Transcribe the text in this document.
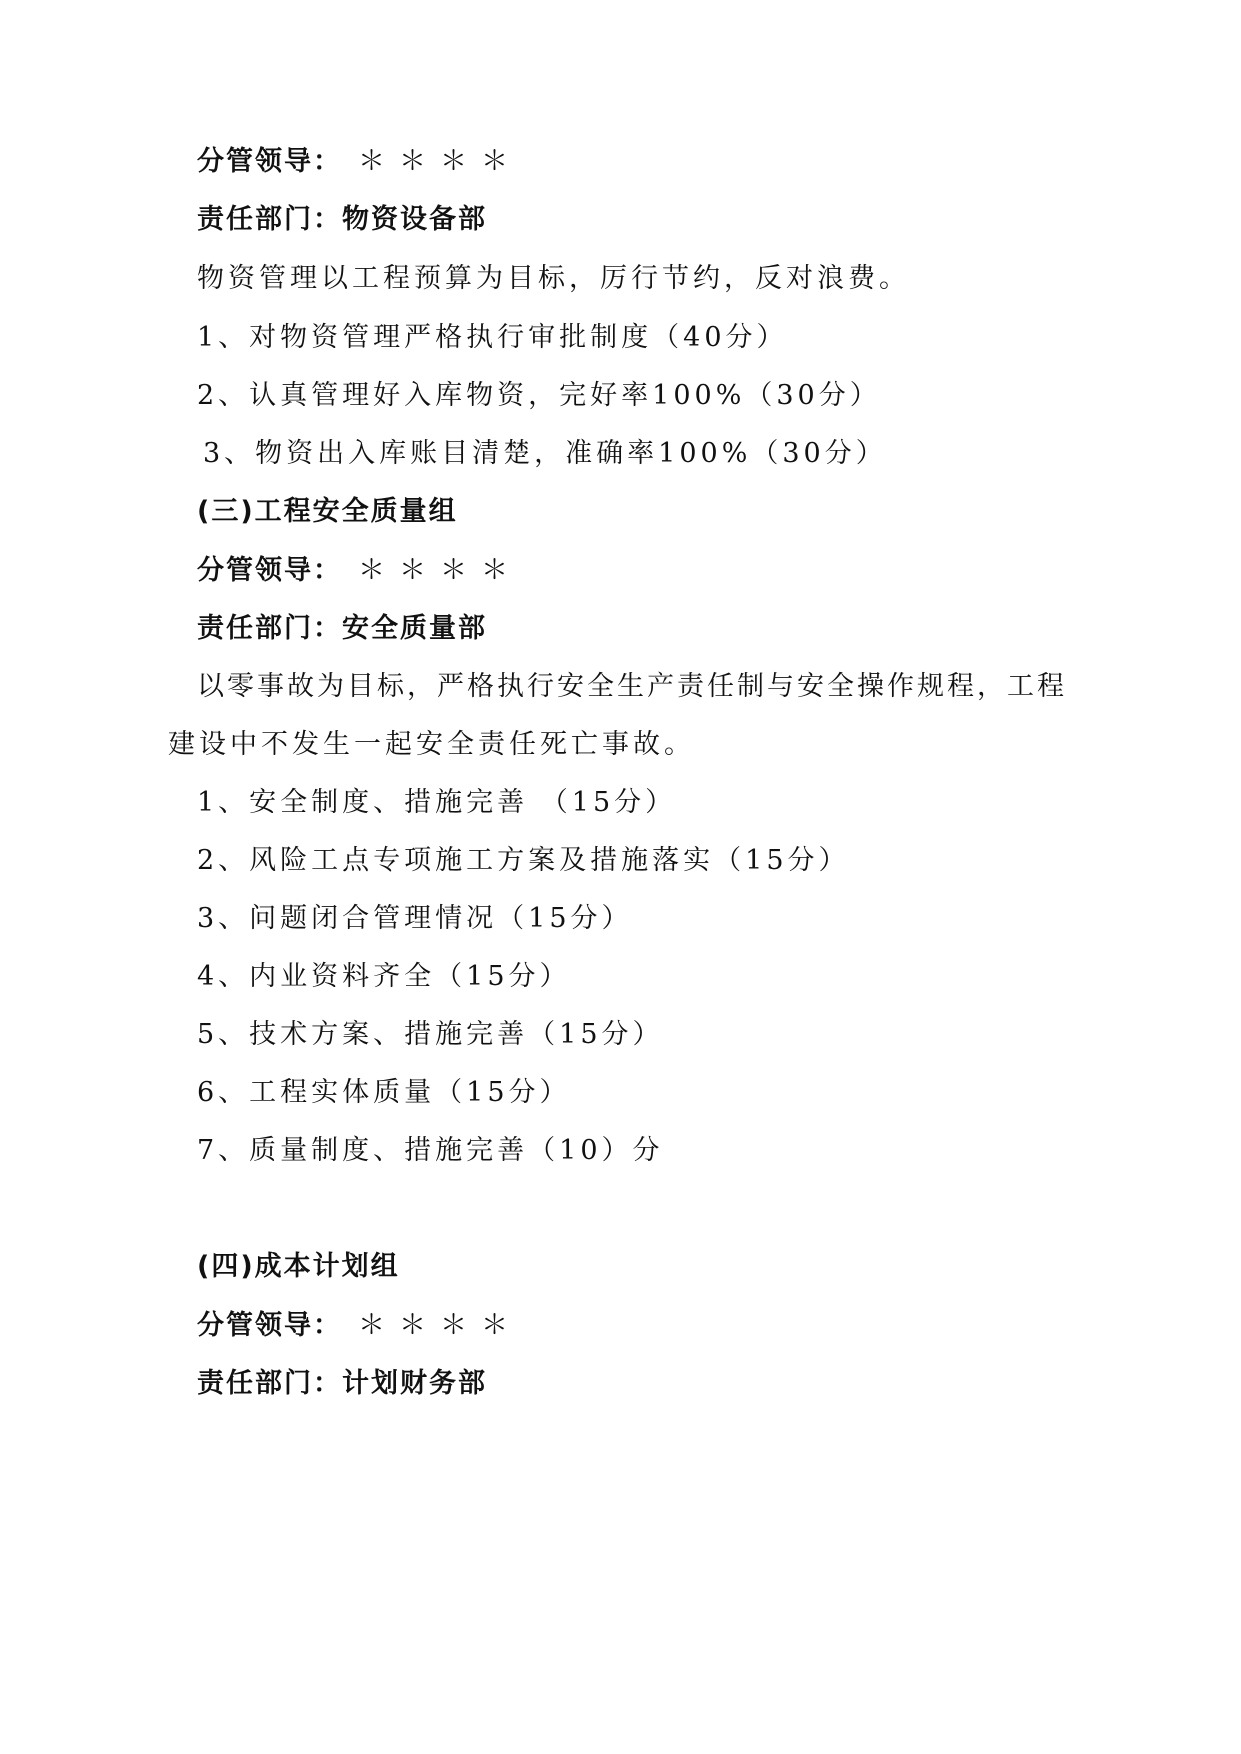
分管领导： ＊＊＊＊
责任部门：物资设备部
物资管理以工程预算为目标，厉行节约，反对浪费。
1、对物资管理严格执行审批制度（40分）
2、认真管理好入库物资，完好率100%（30分）
3、物资出入库账目清楚，准确率100%（30分）
(三)工程安全质量组
分管领导： ＊＊＊＊
责任部门：安全质量部
以零事故为目标，严格执行安全生产责任制与安全操作规程，工程
建设中不发生一起安全责任死亡事故。
1、安全制度、措施完善 （15分）
2、风险工点专项施工方案及措施落实（15分）
3、问题闭合管理情况（15分）
4、内业资料齐全（15分）
5、技术方案、措施完善（15分）
6、工程实体质量（15分）
7、质量制度、措施完善（10）分
(四)成本计划组
分管领导： ＊＊＊＊
责任部门：计划财务部
